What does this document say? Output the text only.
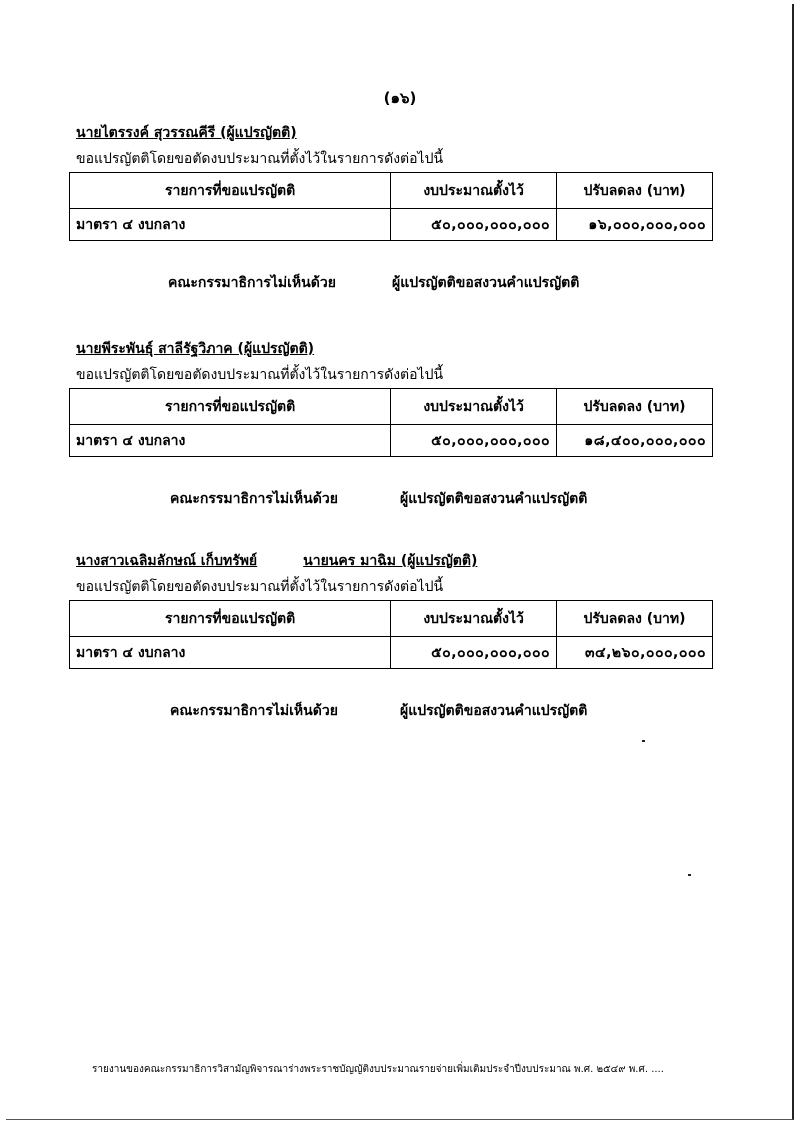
(๑๖)
นายไตรรงค์ สุวรรณคีรี (ผู้แปรญัตติ)
ขอแปรญัตติโดยขอตัดงบประมาณที่ตั้งไว้ในรายการดังต่อไปนี้
รายการที่ขอแปรญัตติ	งบประมาณตั้งไว้	ปรับลดลง (บาท)
มาตรา ๔ งบกลาง	๕๐,๐๐๐,๐๐๐,๐๐๐	๑๖,๐๐๐,๐๐๐,๐๐๐
คณะกรรมาธิการไม่เห็นด้วย	ผู้แปรญัตติขอสงวนคำแปรญัตติ
นายพีระพันธุ์ สาลีรัฐวิภาค (ผู้แปรญัตติ)
ขอแปรญัตติโดยขอตัดงบประมาณที่ตั้งไว้ในรายการดังต่อไปนี้
รายการที่ขอแปรญัตติ	งบประมาณตั้งไว้	ปรับลดลง (บาท)
มาตรา ๔ งบกลาง	๕๐,๐๐๐,๐๐๐,๐๐๐	๑๘,๔๐๐,๐๐๐,๐๐๐
คณะกรรมาธิการไม่เห็นด้วย	ผู้แปรญัตติขอสงวนคำแปรญัตติ
นางสาวเฉลิมลักษณ์ เก็บทรัพย์	นายนคร มาฉิม (ผู้แปรญัตติ)
ขอแปรญัตติโดยขอตัดงบประมาณที่ตั้งไว้ในรายการดังต่อไปนี้
รายการที่ขอแปรญัตติ	งบประมาณตั้งไว้	ปรับลดลง (บาท)
มาตรา ๔ งบกลาง	๕๐,๐๐๐,๐๐๐,๐๐๐	๓๔,๒๖๐,๐๐๐,๐๐๐
คณะกรรมาธิการไม่เห็นด้วย	ผู้แปรญัตติขอสงวนคำแปรญัตติ
รายงานของคณะกรรมาธิการวิสามัญพิจารณาร่างพระราชบัญญัติงบประมาณรายจ่ายเพิ่มเติมประจำปีงบประมาณ พ.ศ. ๒๕๔๙ พ.ศ. ....
